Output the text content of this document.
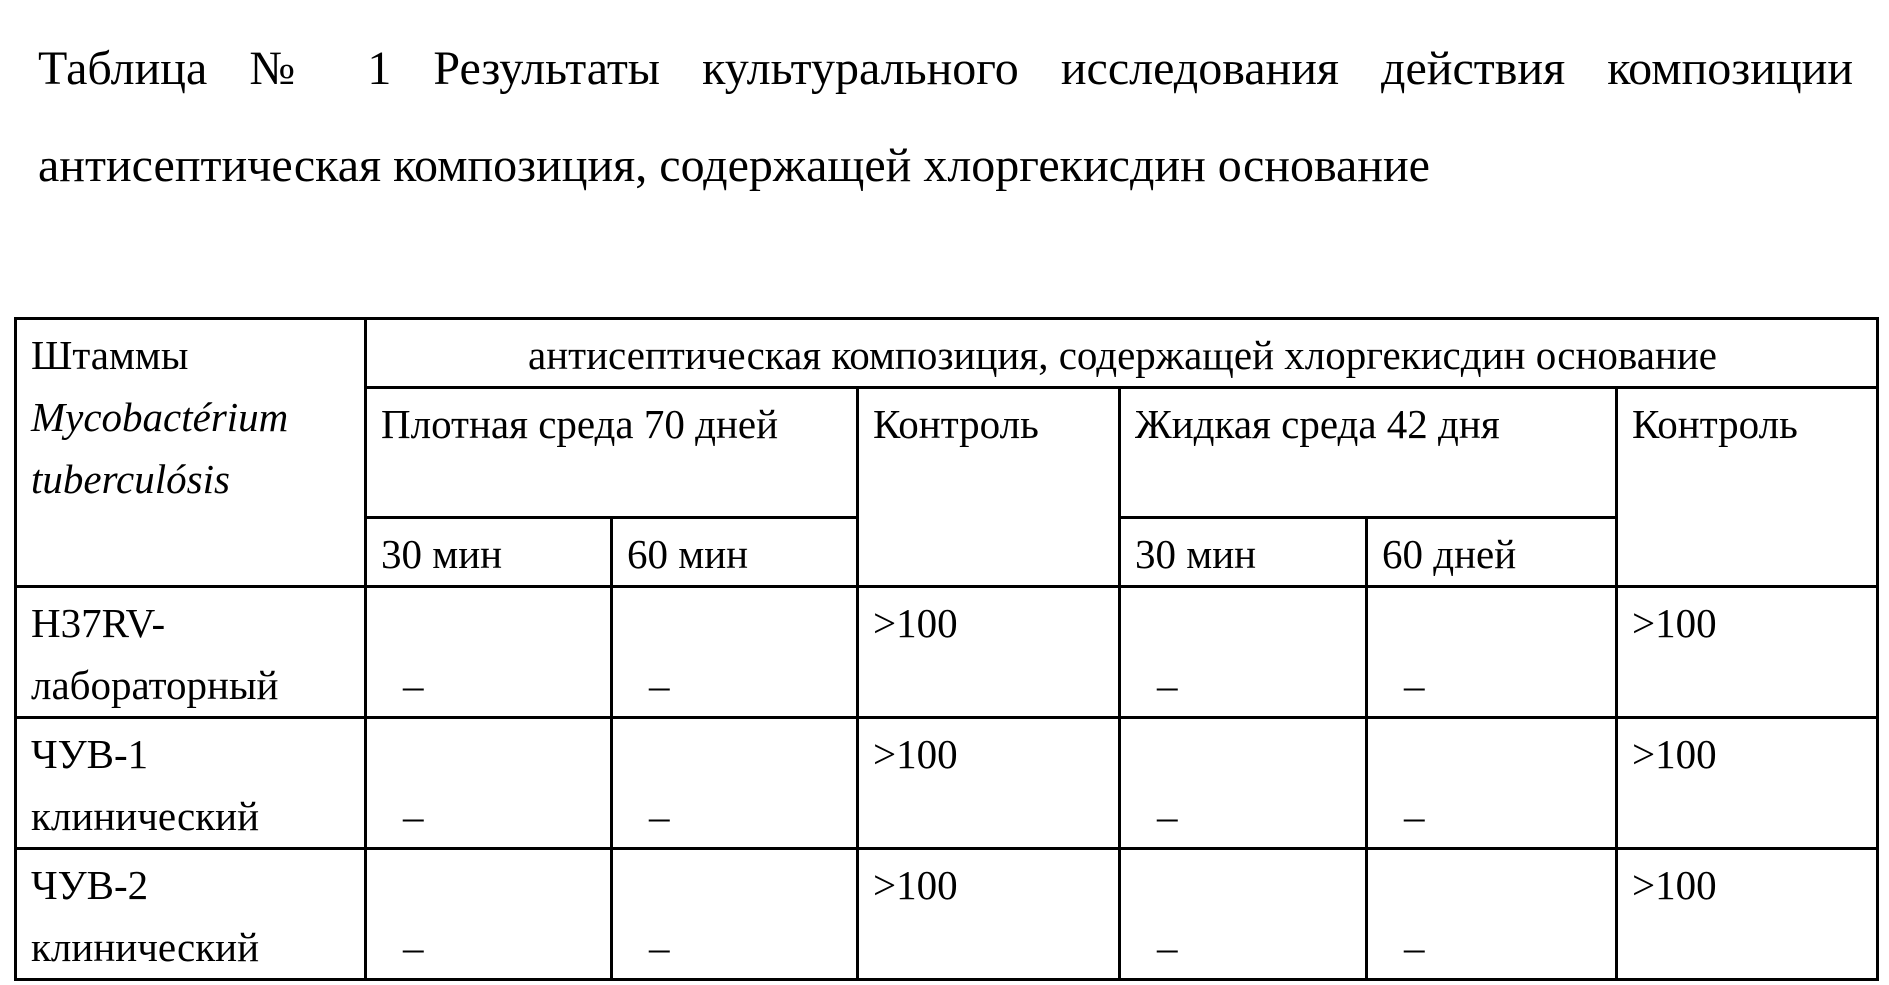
Таблица № 1 Результаты культурального исследования действия композиции антисептическая композиция, содержащей хлоргекисдин основание
Штаммы
Mycobactérium
tuberculósis
	антисептическая композиция, содержащей хлоргекисдин основание
Плотная среда 70 дней	Контроль	Жидкая среда 42 дня	Контроль
30 мин	60 мин	30 мин	60 дней
H37RV-лабораторный	–	–
	>100	
–	–
	>100
ЧУВ-1 клинический	–	–
	>100	
–	–
	>100
ЧУВ-2 клинический	–	–
	>100	
–	–
	>100
